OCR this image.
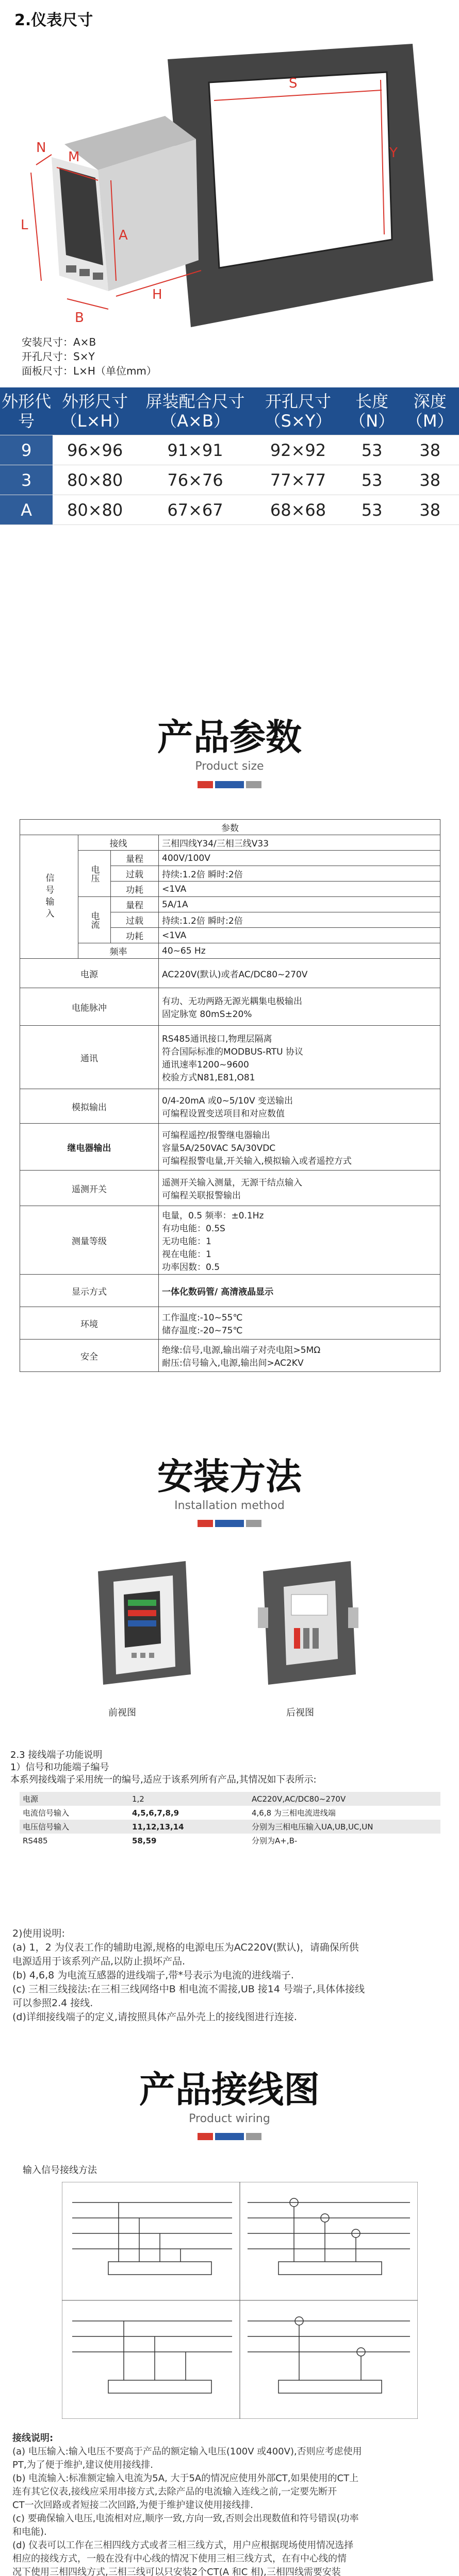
2.仪表尺寸
S
Y
N
M
L
A
B
H
安装尺寸：A×B
开孔尺寸：S×Y
面板尺寸：L×H（单位mm）
外形代号	外形尺寸（L×H）	屏装配合尺寸（A×B）	开孔尺寸（S×Y）	长度（N）	深度（M）
9	96×96	91×91	92×92	53	38
3	80×80	76×76	77×77	53	38
A	80×80	67×67	68×68	53	38
产品参数
Product size
参数			
信号输入	接线		三相四线Y34/三相三线V33
	电压	量程	400V/100V
		过载	持续:1.2倍 瞬时:2倍
		功耗	<1VA
	电流	量程	5A/1A
		过载	持续:1.2倍 瞬时:2倍
		功耗	<1VA
	频率		40~65 Hz
电源			AC220V(默认)或者AC/DC80~270V
电能脉冲			有功、无功两路无源光耦集电极输出
固定脉宽 80mS±20%

通讯			RS485通讯接口,物理层隔离
符合国际标准的MODBUS-RTU 协议
通讯速率1200~9600
校验方式N81,E81,O81

模拟输出			0/4-20mA 或0~5/10V 变送输出
可编程设置变送项目和对应数值

继电器输出			可编程遥控/报警继电器输出
容量5A/250VAC 5A/30VDC
可编程报警电量,开关输入,模拟输入或者遥控方式

遥测开关			遥测开关输入测量，无源干结点输入
可编程关联报警输出

测量等级			电量，0.5 频率：±0.1Hz
有功电能：0.5S
无功电能：1
视在电能：1
功率因数：0.5

显示方式			一体化数码管/ 高清液晶显示
环境			工作温度:-10~55℃
储存温度:-20~75℃

安全			绝缘:信号,电源,输出端子对壳电阻>5MΩ
耐压:信号输入,电源,输出间>AC2KV
安装方法
Installation method
前视图	后视图
2.3 接线端子功能说明
1）信号和功能端子编号
本系列接线端子采用统一的编号,适应于该系列所有产品,其情况如下表所示:
电源	1,2	AC220V,AC/DC80~270V
电流信号输入	4,5,6,7,8,9	4,6,8 为三相电流进线端
电压信号输入	11,12,13,14	分别为三相电压输入UA,UB,UC,UN
RS485	58,59	分别为A+,B-
2)使用说明:
(a) 1，2 为仪表工作的辅助电源,规格的电源电压为AC220V(默认)，请确保所供
电源适用于该系列产品,以防止损坏产品.
(b) 4,6,8 为电流互感器的进线端子,带*号表示为电流的进线端子.
(c) 三相三线接法:在三相三线网络中B 相电流不需接,UB 接14 号端子,具体体接线
可以参照2.4 接线.
(d)详细接线端子的定义,请按照具体产品外壳上的接线图进行连接.
产品接线图
Product wiring
输入信号接线方法
接线说明:
(a) 电压输入:输入电压不要高于产品的额定输入电压(100V 或400V),否则应考虑使用
PT,为了便于维护,建议使用接线排.
(b) 电流输入:标准额定输入电流为5A, 大于5A的情况应使用外部CT,如果使用的CT上
连有其它仪表,接线应采用串接方式,去除产品的电流输入连线之前,一定要先断开
CT一次回路或者短接二次回路,为便于维护建议使用接线排.
(c) 要确保输入电压,电流相对应,顺序一致,方向一致,否则会出现数值和符号错误(功率
和电能).
(d) 仪表可以工作在三相四线方式或者三相三线方式，用户应根据现场使用情况选择
相应的接线方式，一般在没有中心线的情况下使用三相三线方式，在有中心线的情
况下使用三相四线方式,三相三线可以只安装2个CT(A 和C 相),三相四线需要安装
